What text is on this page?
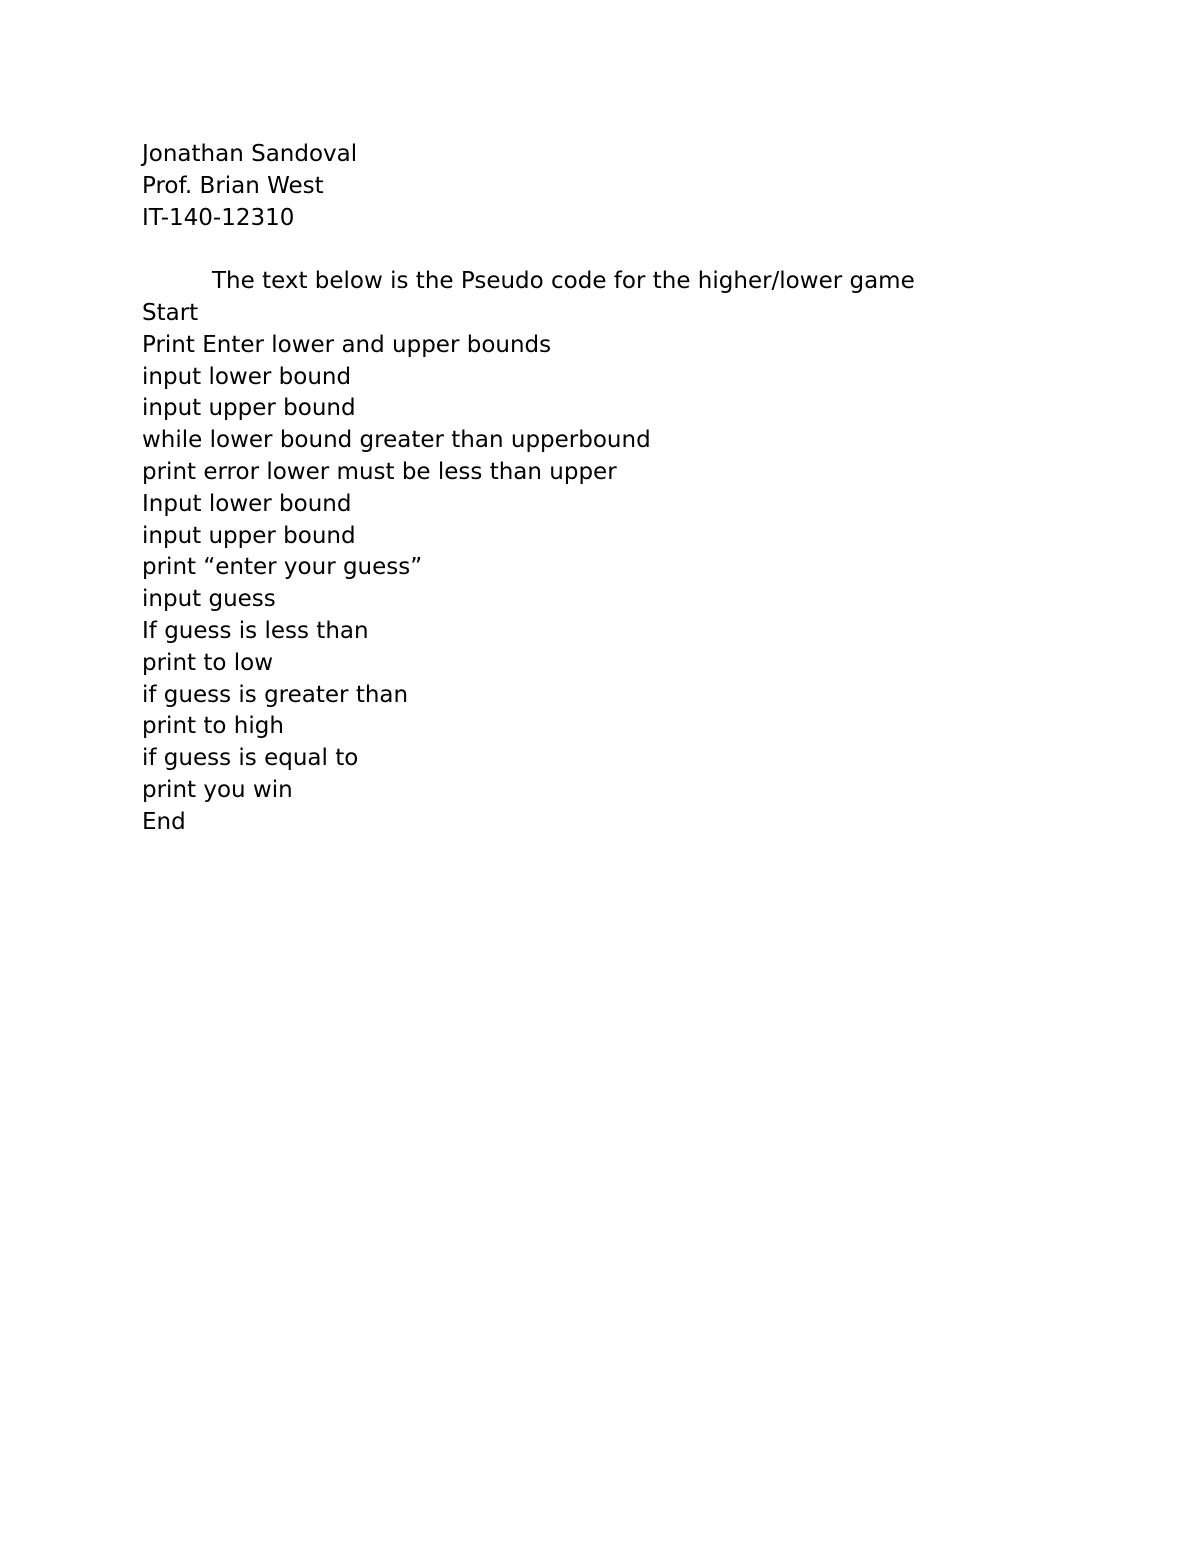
Jonathan Sandoval

Prof. Brian West

IT-140-12310

The text below is the Pseudo code for the higher/lower game

Start

Print Enter lower and upper bounds

input lower bound

input upper bound

while lower bound greater than upperbound

print error lower must be less than upper

Input lower bound

input upper bound

print “enter your guess”

input guess

If guess is less than

print to low

if guess is greater than

print to high

if guess is equal to

print you win

End
